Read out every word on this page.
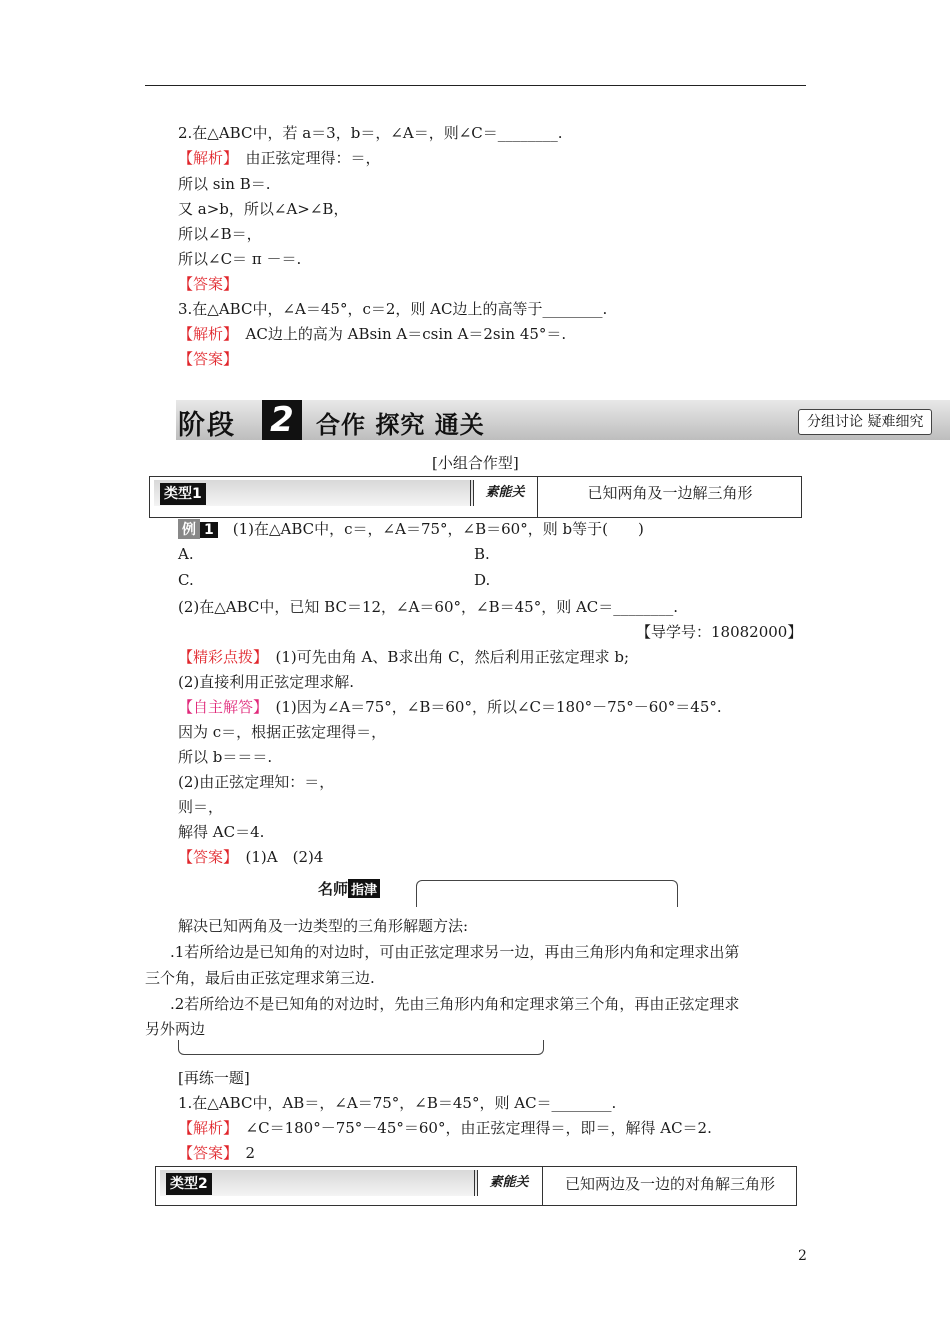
2.在△ABC中，若 a＝3，b＝，∠A＝，则∠C＝________.
【解析】　 由正弦定理得：＝，
所以 sin B＝.
又 a>b，所以∠A>∠B，
所以∠B＝，
所以∠C＝ π －＝.
【答案】
3.在△ABC中，∠A＝45°，c＝2，则 AC边上的高等于________.
【解析】　 AC边上的高为 ABsin A＝csin A＝2sin 45°＝.
【答案】
阶段 2 合作 探究 通关	分组讨论 疑难细究
[小组合作型]
类型1	素能关	已知两角及一边解三角形
例 1　 (1)在△ABC中，c＝，∠A＝75°，∠B＝60°，则 b等于(　　)
A.	B.
C.	D.
(2)在△ABC中，已知 BC＝12，∠A＝60°，∠B＝45°，则 AC＝________.
【导学号：18082000】
【精彩点拨】　 (1)可先由角 A、B求出角 C，然后利用正弦定理求 b;
(2)直接利用正弦定理求解.
【自主解答】　 (1)因为∠A＝75°，∠B＝60°，所以∠C＝180°－75°－60°＝45°.
因为 c＝，根据正弦定理得＝，
所以 b＝＝＝.
(2)由正弦定理知：＝，
则＝，
解得 AC＝4.
【答案】　 (1)A　(2)4
名师 指津
解决已知两角及一边类型的三角形解题方法:
.1若所给边是已知角的对边时，可由正弦定理求另一边，再由三角形内角和定理求出第
三个角，最后由正弦定理求第三边.
.2若所给边不是已知角的对边时，先由三角形内角和定理求第三个角，再由正弦定理求
另外两边
[再练一题]
1.在△ABC中，AB＝，∠A＝75°，∠B＝45°，则 AC＝________.
【解析】　 ∠C＝180°－75°－45°＝60°，由正弦定理得＝，即＝，解得 AC＝2.
【答案】　 2
类型2	素能关	已知两边及一边的对角解三角形
2
